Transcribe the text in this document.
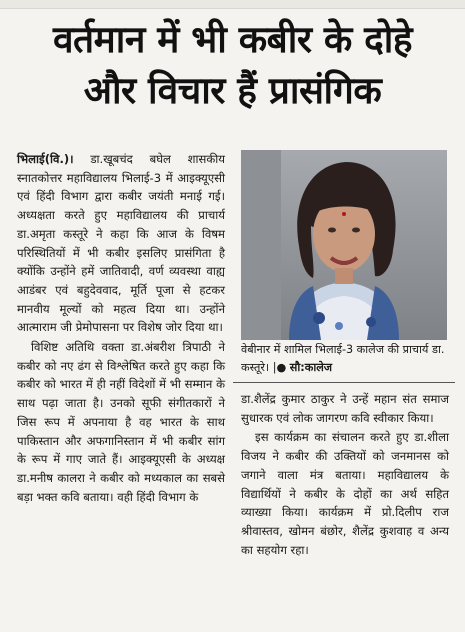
वर्तमान में भी कबीर के दोहे
और विचार हैं प्रासंगिक

भिलाई(वि.)। डा.खूबचंद बघेल शासकीय स्नातकोत्तर महाविद्यालय भिलाई-3 में आइक्यूएसी एवं हिंदी विभाग द्वारा कबीर जयंती मनाई गई। अध्यक्षता करते हुए महाविद्यालय की प्राचार्य डा.अमृता कस्तूरे ने कहा कि आज के विषम परिस्थितियों में भी कबीर इसलिए प्रासंगिता है क्योंकि उन्होंने हमें जातिवादी, वर्ण व्यवस्था वाह्य आडंबर एवं बहुदेववाद, मूर्ति पूजा से हटकर मानवीय मूल्यों को महत्व दिया था। उन्होंने आत्माराम जी प्रेमोपासना पर विशेष जोर दिया था।

विशिष्ट अतिथि वक्ता डा.अंबरीश त्रिपाठी ने कबीर को नए ढंग से विश्लेषित करते हुए कहा कि कबीर को भारत में ही नहीं विदेशों में भी सम्मान के साथ पढ़ा जाता है। उनको सूफी संगीतकारों ने जिस रूप में अपनाया है वह भारत के साथ पाकिस्तान और अफगानिस्तान में भी कबीर सांग के रूप में गाए जाते हैं। आइक्यूएसी के अध्यक्ष डा.मनीष कालरा ने कबीर को मध्यकाल का सबसे बड़ा भक्त कवि बताया। वही हिंदी विभाग के

वेबीनार में शामिल भिलाई-3 कालेज की प्राचार्य डा. कस्तूरे। |● सौ:कालेज

डा.शैलेंद्र कुमार ठाकुर ने उन्हें महान संत समाज सुधारक एवं लोक जागरण कवि स्वीकार किया।

इस कार्यक्रम का संचालन करते हुए डा.शीला विजय ने कबीर की उक्तियों को जनमानस को जगाने वाला मंत्र बताया। महाविद्यालय के विद्यार्थियों ने कबीर के दोहों का अर्थ सहित व्याख्या किया। कार्यक्रम में प्रो.दिलीप राज श्रीवास्तव, खोमन बंछोर, शैलेंद्र कुशवाह व अन्य का सहयोग रहा।
